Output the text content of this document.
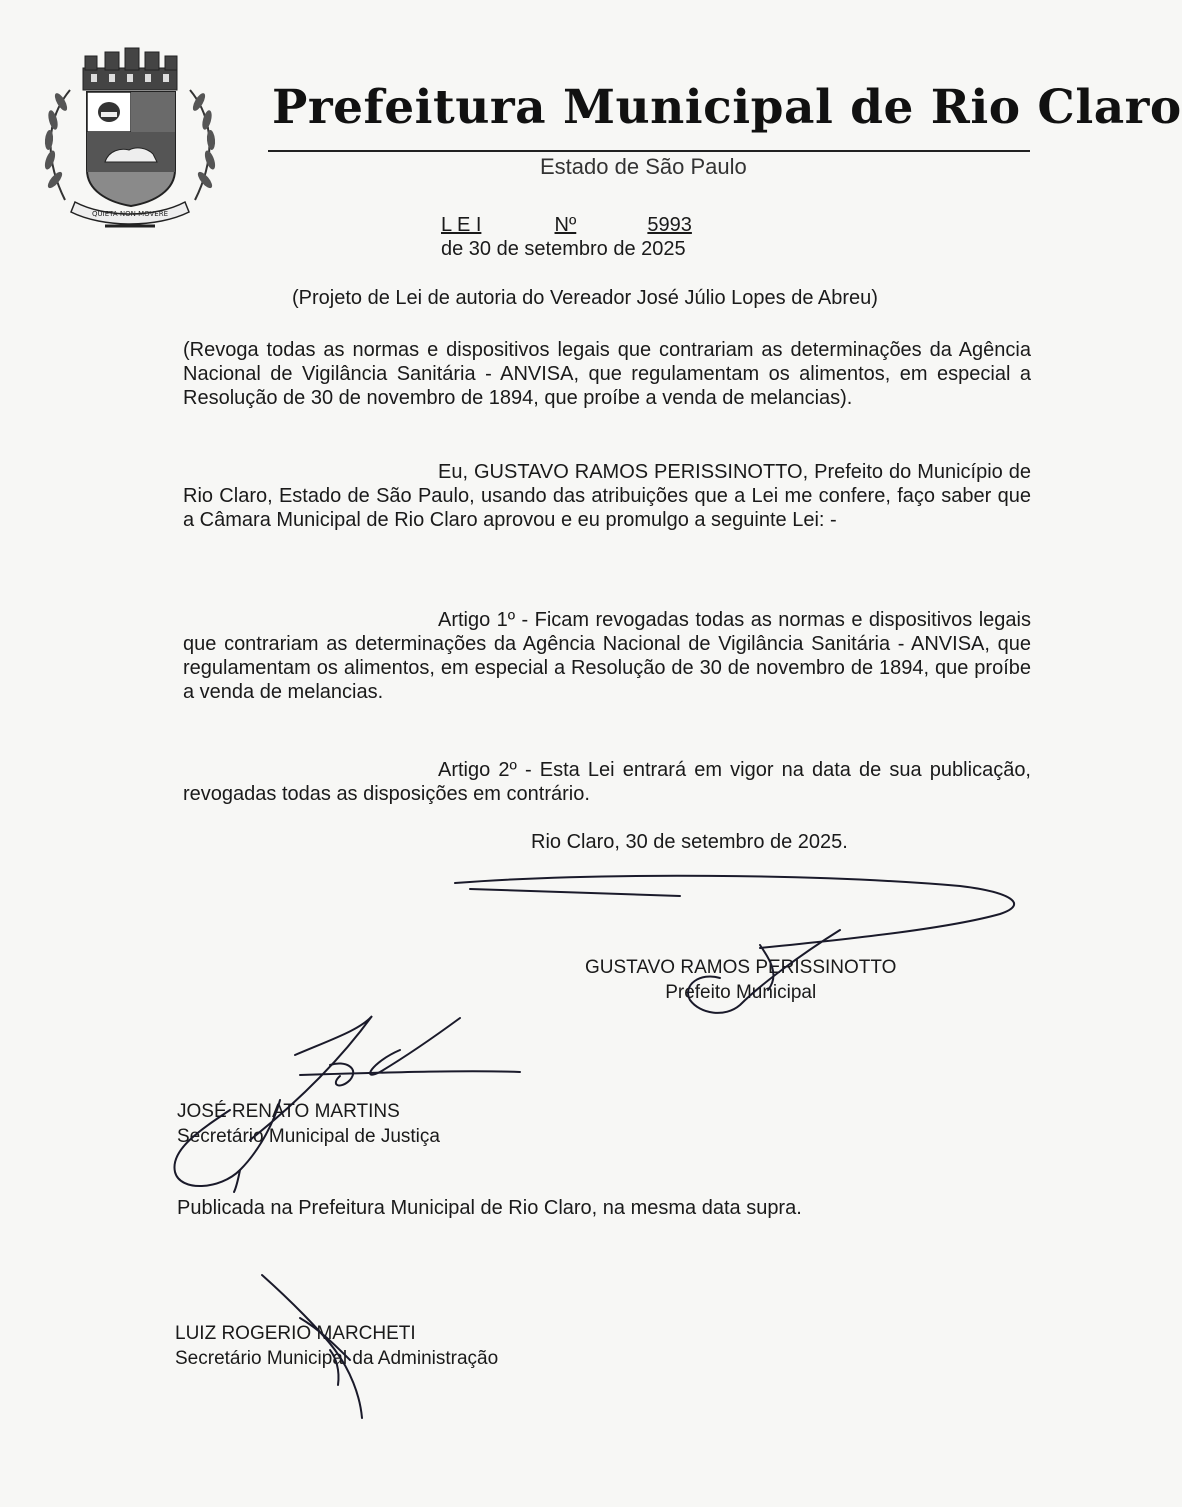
QUIETA NON MOVERE
Prefeitura Municipal de Rio Claro
Estado de São Paulo
L E I	Nº	5993
de 30 de setembro de 2025
(Projeto de Lei de autoria do Vereador José Júlio Lopes de Abreu)
(Revoga todas as normas e dispositivos legais que contrariam as determinações da Agência Nacional de Vigilância Sanitária - ANVISA, que regulamentam os alimentos, em especial a Resolução de 30 de novembro de 1894, que proíbe a venda de melancias).
Eu, GUSTAVO RAMOS PERISSINOTTO, Prefeito do Município de Rio Claro, Estado de São Paulo, usando das atribuições que a Lei me confere, faço saber que a Câmara Municipal de Rio Claro aprovou e eu promulgo a seguinte Lei: -
Artigo 1º - Ficam revogadas todas as normas e dispositivos legais que contrariam as determinações da Agência Nacional de Vigilância Sanitária - ANVISA, que regulamentam os alimentos, em especial a Resolução de 30 de novembro de 1894, que proíbe a venda de melancias.
Artigo 2º - Esta Lei entrará em vigor na data de sua publicação, revogadas todas as disposições em contrário.
Rio Claro, 30 de setembro de 2025.
GUSTAVO RAMOS PERISSINOTTO
Prefeito Municipal
JOSÉ RENATO MARTINS
Secretário Municipal de Justiça
Publicada na Prefeitura Municipal de Rio Claro, na mesma data supra.
LUIZ ROGERIO MARCHETI
Secretário Municipal da Administração
